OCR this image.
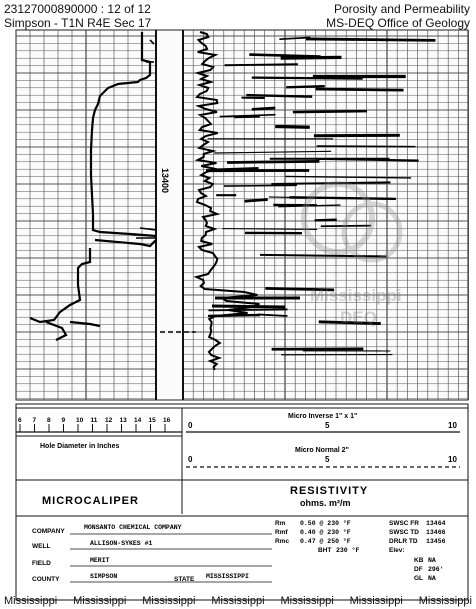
23127000890000 : 12 of 12
Simpson - T1N R4E Sec 17
Porosity and Permeability
MS-DEQ Office of Geology
13400
Mississippi
DEQ
6 7 8 9 10 11 12 13 14 15 16
Hole Diameter in Inches
Micro Inverse 1" x 1"
0	5	10
Micro Normal 2"
0	5	10
MICROCALIPER
RESISTIVITY
ohms. m²/m
COMPANY
MONSANTO CHEMICAL COMPANY
WELL	ALLISON-SYKES #1
FIELD	MERIT
COUNTY	SIMPSON	STATE MISSISSIPPI
Rm 0.50 @ 230 °F
Rmf 0.40 @ 230 °F
Rmc 0.47 @ 250 °F
BHT 230 °F
SWSC FR 13464
SWSC TD 13466
DRLR TD 13456
Elev:
KB NA
DF 296'
GL NA
Mississippi Mississippi Mississippi Mississippi Mississippi Mississippi Mississippi
